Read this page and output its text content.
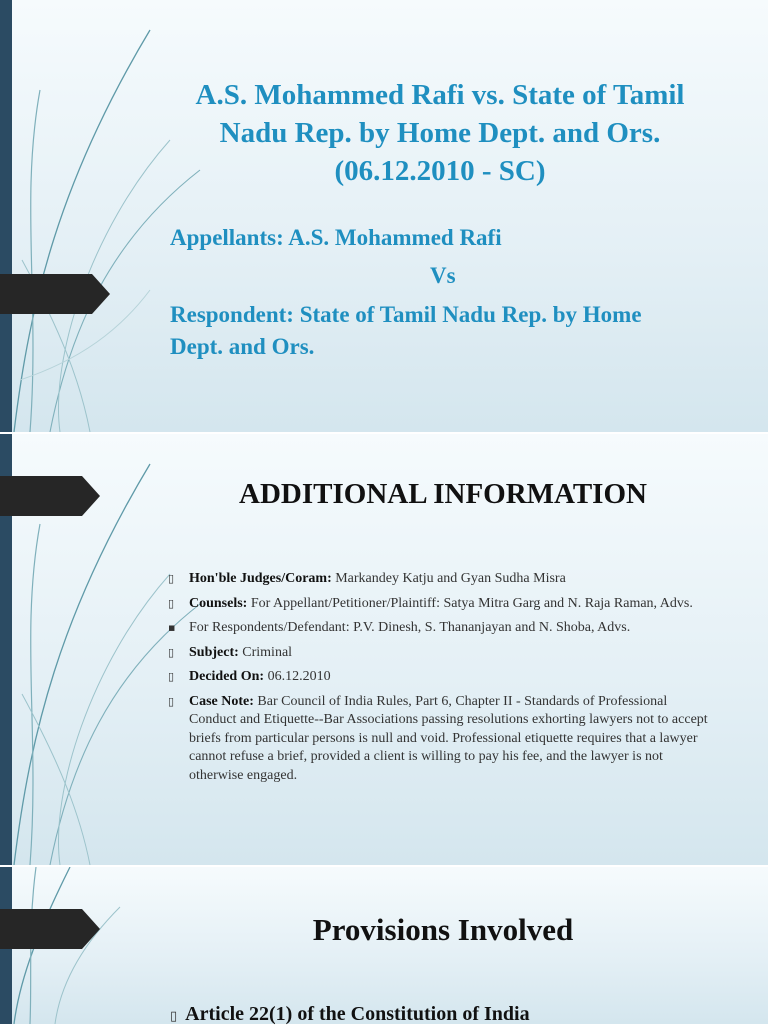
A.S. Mohammed Rafi vs. State of Tamil Nadu Rep. by Home Dept. and Ors. (06.12.2010 - SC)
Appellants: A.S. Mohammed Rafi
Vs
Respondent: State of Tamil Nadu Rep. by Home
Dept. and Ors.
ADDITIONAL INFORMATION
▯	Hon'ble Judges/Coram: Markandey Katju and Gyan Sudha Misra
▯	Counsels: For Appellant/Petitioner/Plaintiff: Satya Mitra Garg and N. Raja Raman, Advs.
▪ For Respondents/Defendant: P.V. Dinesh, S. Thananjayan and N. Shoba, Advs.
▯	Subject: Criminal
▯	Decided On: 06.12.2010
▯	Case Note: Bar Council of India Rules, Part 6, Chapter II - Standards of Professional Conduct and Etiquette--Bar Associations passing resolutions exhorting lawyers not to accept briefs from particular persons is null and void. Professional etiquette requires that a lawyer cannot refuse a brief, provided a client is willing to pay his fee, and the lawyer is not otherwise engaged.
Provisions Involved
▯ Article 22(1) of the Constitution of India
